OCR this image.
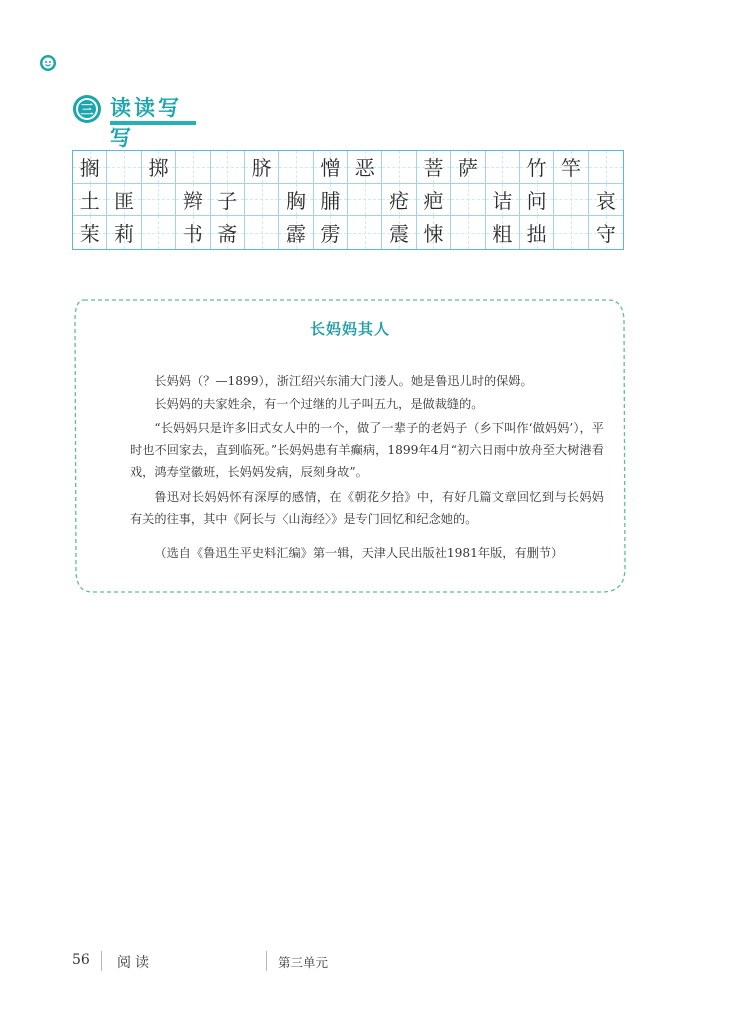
三 读读写写
搁 掷	脐 憎 恶 菩 萨 竹 竿
土 匪 辫 子 胸 脯 疮 疤 诘 问 哀
茉 莉 书 斋 霹 雳 震 悚 粗 拙 守
长妈妈其人

长妈妈（？—1899），浙江绍兴东浦大门溇人。她是鲁迅儿时的保姆。

长妈妈的夫家姓余，有一个过继的儿子叫五九，是做裁缝的。

“长妈妈只是许多旧式女人中的一个，做了一辈子的老妈子（乡下叫作‘做妈妈’），平时也不回家去，直到临死。”长妈妈患有羊癫病，1899年4月“初六日雨中放舟至大树港看戏，鸿寿堂徽班，长妈妈发病，辰刻身故”。

鲁迅对长妈妈怀有深厚的感情，在《朝花夕拾》中，有好几篇文章回忆到与长妈妈有关的往事，其中《阿长与〈山海经〉》是专门回忆和纪念她的。

（选自《鲁迅生平史料汇编》第一辑，天津人民出版社1981年版，有删节）

56 阅读	第三单元
